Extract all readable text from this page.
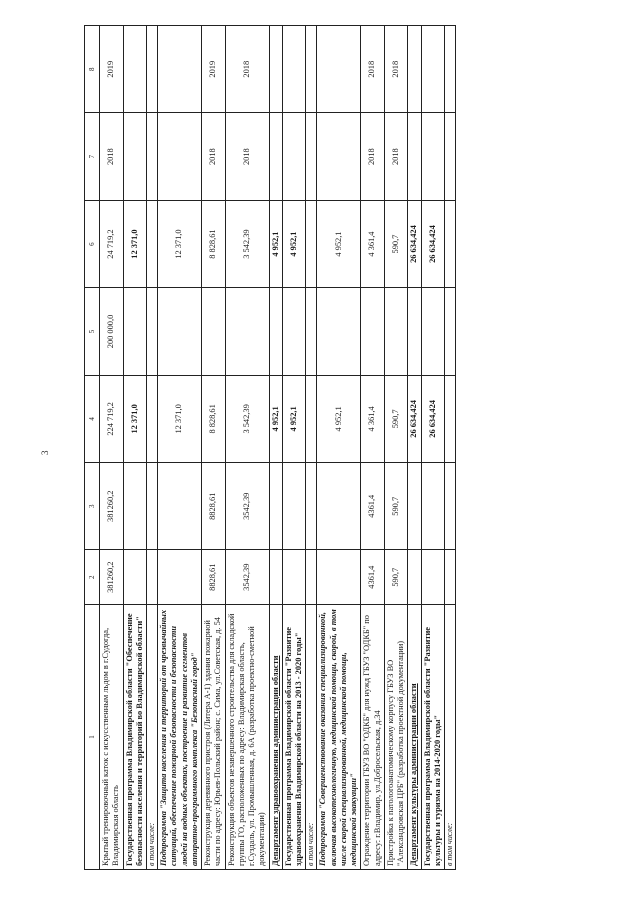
3
1	2	3	4	5	6	7	8
Крытый тренировочный каток с искусственным льдом в г.Судогда, Владимирская область	381260,2	381260,2	224 719,2	200 000,0	24 719,2	2018	2019
Государственная программа Владимирской области "Обеспечение безопасности населения и территорий во Владимирской области"			12 371,0		12 371,0		
в том числе:							
Подпрограмма "Защита населения и территорий от чрезвычайных ситуаций, обеспечение пожарной безопасности и безопасности людей на водных объектах, построение и развитие сегментов аппаратно-программного комплекса "Безопасный город"			12 371,0		12 371,0		
Реконструкция деревянного пристроя (Литера А-1) здания пожарной части по адресу: Юрьев-Польский район; с. Сима, ул.Советская, д. 54	8828,61	8828,61	8 828,61		8 828,61	2018	2019
Реконструкция объектов незавершенного строительства для складской группы ГО, расположенных по адресу: Владимирская область, г.Суздаль, ул. Промышленная, д. 6А (разработка проектно-сметной документации)	3542,39	3542,39	3 542,39		3 542,39	2018	2018
Департамент здравоохранения администрации области			4 952,1		4 952,1		
Государственная программа Владимирской области "Развитие здравоохранения Владимирской области на 2013 - 2020 годы"			4 952,1		4 952,1		
в том числе:							
Подпрограмма "Совершенствование оказания специализированной, включая высокотехнологичную, медицинской помощи, скорой, в том числе скорой специализированной, медицинской помощи, медицинской эвакуации"			4 952,1		4 952,1		
Ограждение территории ГБУЗ ВО "ОДКБ" для нужд ГБУЗ "ОДКБ" по адресу: г.Владимир, ул.Добросельская, д.34	4361,4	4361,4	4 361,4		4 361,4	2018	2018
Пристройка к патологоанатомическому корпусу ГБУЗ ВО "Александровская ЦРБ" (разработка проектной документации)	590,7	590,7	590,7		590,7	2018	2018
Департамент культуры администрации области			26 634,424		26 634,424		
Государственная программа Владимирской области "Развитие культуры и туризма на 2014-2020 годы"			26 634,424		26 634,424		
в том числе:							
